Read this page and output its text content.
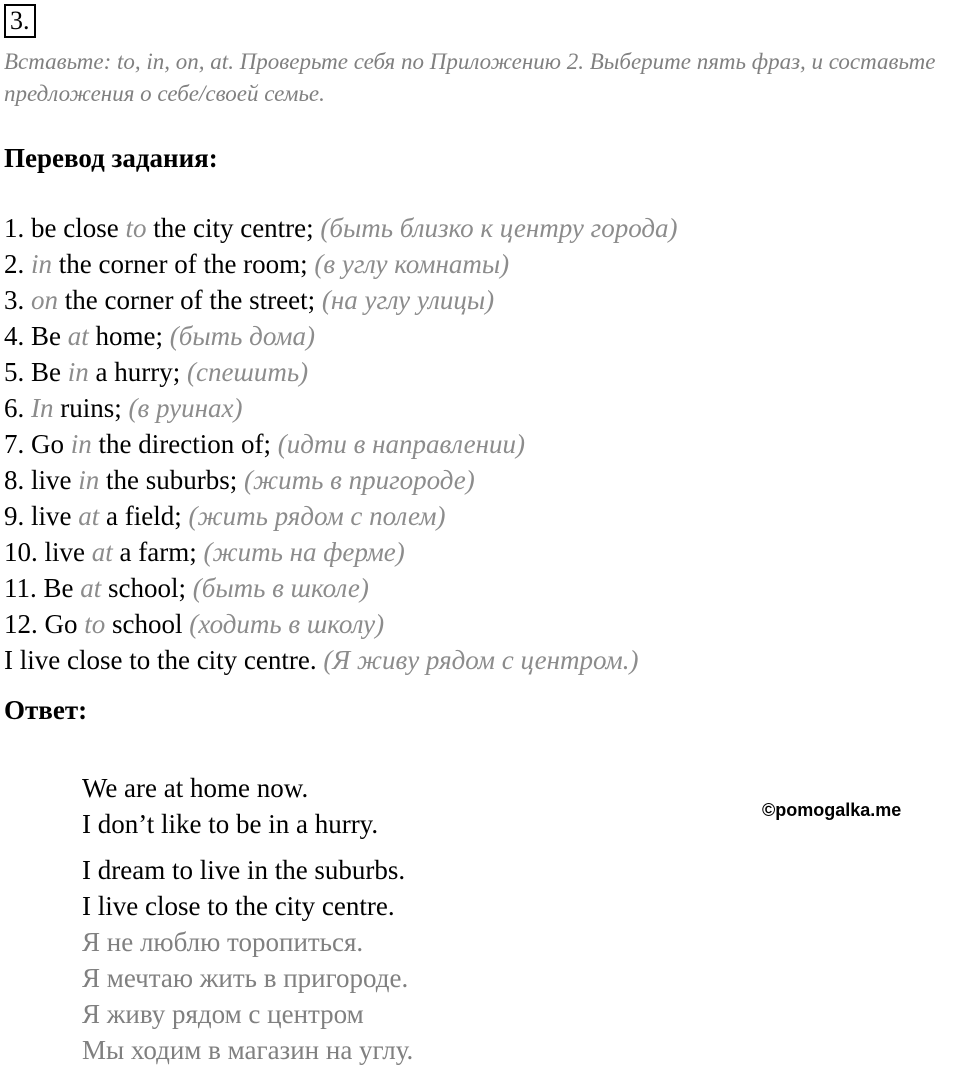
3.
Вставьте: to, in, on, at. Проверьте себя по Приложению 2. Выберите пять фраз, и составьте предложения о себе/своей семье.
Перевод задания:
1. be close to the city centre; (быть близко к центру города)
2. in the corner of the room; (в углу комнаты)
3. on the corner of the street; (на углу улицы)
4. Be at home; (быть дома)
5. Be in a hurry; (спешить)
6. In ruins; (в руинах)
7. Go in the direction of; (идти в направлении)
8. live in the suburbs; (жить в пригороде)
9. live at a field; (жить рядом с полем)
10. live at a farm; (жить на ферме)
11. Be at school; (быть в школе)
12. Go to school (ходить в школу)
I live close to the city centre. (Я живу рядом с центром.)
Ответ:
We are at home now.
I don’t like to be in a hurry.
I dream to live in the suburbs.
I live close to the city centre.
Я не люблю торопиться.
Я мечтаю жить в пригороде.
Я живу рядом с центром
Мы ходим в магазин на углу.
©pomogalka.me
